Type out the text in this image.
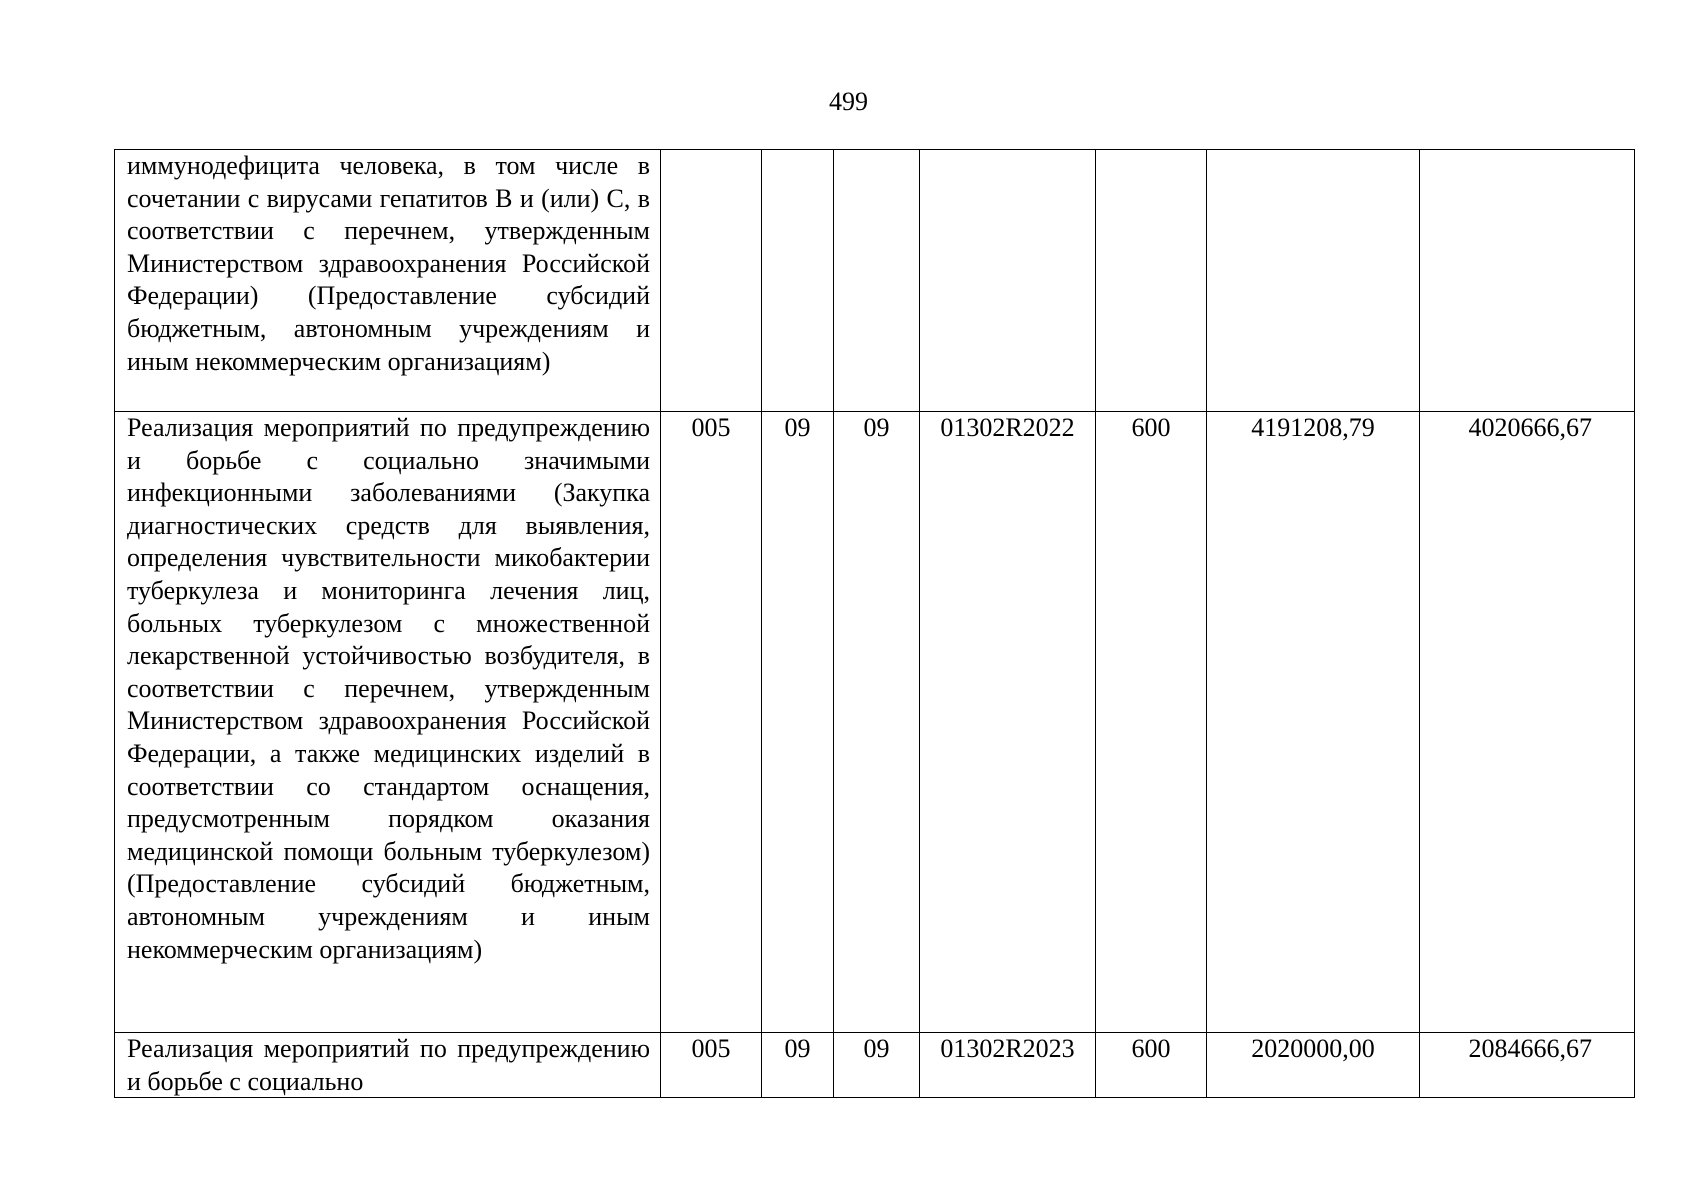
499
иммунодефицита человека, в том числе в сочетании с вирусами гепатитов В и (или) С, в соответствии с перечнем, утвержденным Министерством здравоохранения Российской Федерации) (Предоставление субсидий бюджетным, автономным учреждениям и иным некоммерческим организациям)							
Реализация мероприятий по предупреждению и борьбе с социально значимыми инфекционными заболеваниями (Закупка диагностических средств для выявления, определения чувствительности микобактерии туберкулеза и мониторинга лечения лиц, больных туберкулезом с множественной лекарственной устойчивостью возбудителя, в соответствии с перечнем, утвержденным Министерством здравоохранения Российской Федерации, а также медицинских изделий в соответствии со стандартом оснащения, предусмотренным порядком оказания медицинской помощи больным туберкулезом) (Предоставление субсидий бюджетным, автономным учреждениям и иным некоммерческим организациям)	005	09	09	01302R2022	600	4191208,79	4020666,67

Реализация мероприятий по предупреждению и борьбе с социально	005	09	09	01302R2023	600	2020000,00	2084666,67
